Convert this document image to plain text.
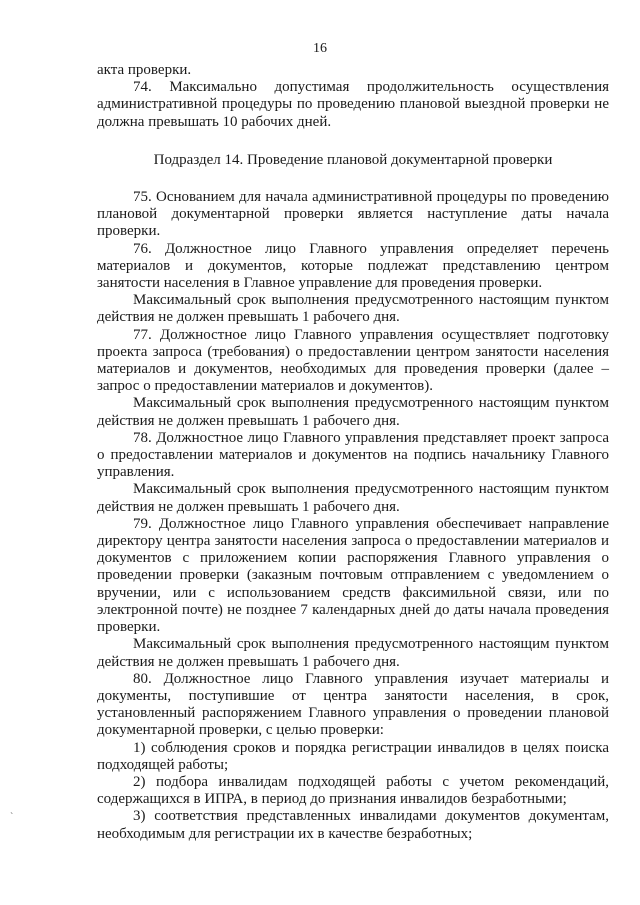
16

акта проверки.

74. Максимально допустимая продолжительность осуществления административной процедуры по проведению плановой выездной проверки не должна превышать 10 рабочих дней.

Подраздел 14. Проведение плановой документарной проверки

75. Основанием для начала административной процедуры по проведению плановой документарной проверки является наступление даты начала проверки.

76. Должностное лицо Главного управления определяет перечень материалов и документов, которые подлежат представлению центром занятости населения в Главное управление для проведения проверки.

Максимальный срок выполнения предусмотренного настоящим пунктом действия не должен превышать 1 рабочего дня.

77. Должностное лицо Главного управления осуществляет подготовку проекта запроса (требования) о предоставлении центром занятости населения материалов и документов, необходимых для проведения проверки (далее – запрос о предоставлении материалов и документов).

Максимальный срок выполнения предусмотренного настоящим пунктом действия не должен превышать 1 рабочего дня.

78. Должностное лицо Главного управления представляет проект запроса о предоставлении материалов и документов на подпись начальнику Главного управления.

Максимальный срок выполнения предусмотренного настоящим пунктом действия не должен превышать 1 рабочего дня.

79. Должностное лицо Главного управления обеспечивает направление директору центра занятости населения запроса о предоставлении материалов и документов с приложением копии распоряжения Главного управления о проведении проверки (заказным почтовым отправлением с уведомлением о вручении, или с использованием средств факсимильной связи, или по электронной почте) не позднее 7 календарных дней до даты начала проведения проверки.

Максимальный срок выполнения предусмотренного настоящим пунктом действия не должен превышать 1 рабочего дня.

80. Должностное лицо Главного управления изучает материалы и документы, поступившие от центра занятости населения, в срок, установленный распоряжением Главного управления о проведении плановой документарной проверки, с целью проверки:

1) соблюдения сроков и порядка регистрации инвалидов в целях поиска подходящей работы;

2) подбора инвалидам подходящей работы с учетом рекомендаций, содержащихся в ИПРА, в период до признания инвалидов безработными;

3) соответствия представленных инвалидами документов документам, необходимым для регистрации их в качестве безработных;

`
